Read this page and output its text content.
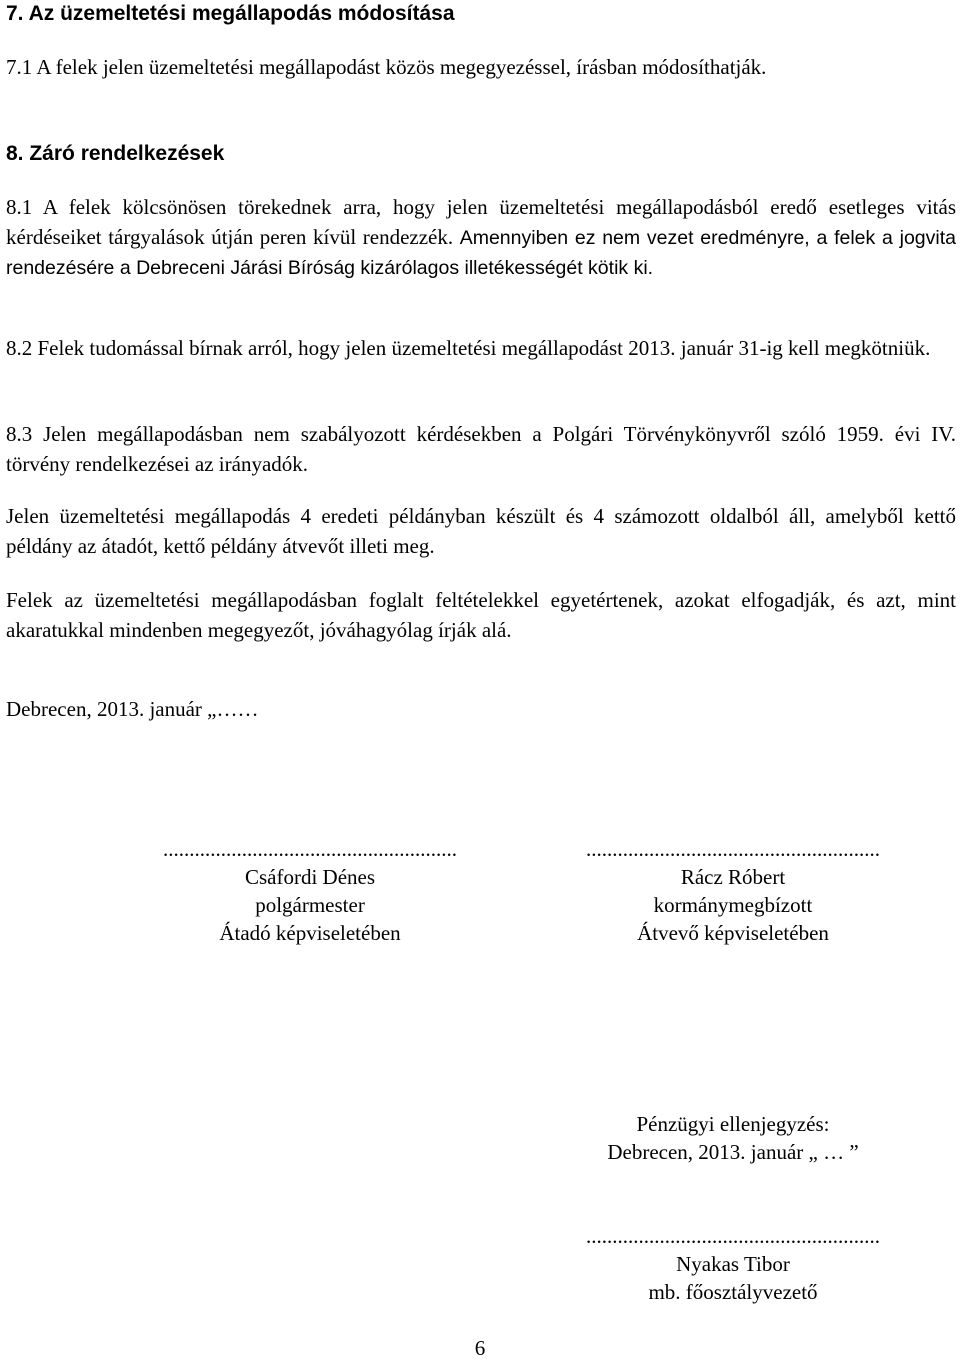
7. Az üzemeltetési megállapodás módosítása

7.1 A felek jelen üzemeltetési megállapodást közös megegyezéssel, írásban módosíthatják.

8. Záró rendelkezések

8.1 A felek kölcsönösen törekednek arra, hogy jelen üzemeltetési megállapodásból eredő esetleges vitás kérdéseiket tárgyalások útján peren kívül rendezzék. Amennyiben ez nem vezet eredményre, a felek a jogvita rendezésére a Debreceni Járási Bíróság kizárólagos illetékességét kötik ki.

8.2 Felek tudomással bírnak arról, hogy jelen üzemeltetési megállapodást 2013. január 31-ig kell megkötniük.

8.3 Jelen megállapodásban nem szabályozott kérdésekben a Polgári Törvénykönyvről szóló 1959. évi IV. törvény rendelkezései az irányadók.

Jelen üzemeltetési megállapodás 4 eredeti példányban készült és 4 számozott oldalból áll, amelyből kettő példány az átadót, kettő példány átvevőt illeti meg.

Felek az üzemeltetési megállapodásban foglalt feltételekkel egyetértenek, azokat elfogadják, és azt, mint akaratukkal mindenben megegyezőt, jóváhagyólag írják alá.

Debrecen, 2013. január „……
........................................................
Csáfordi Dénes
polgármester
Átadó képviseletében
........................................................
Rácz Róbert
kormánymegbízott
Átvevő képviseletében
Pénzügyi ellenjegyzés:
Debrecen, 2013. január „ … ”
........................................................
Nyakas Tibor
mb. főosztályvezető
6
